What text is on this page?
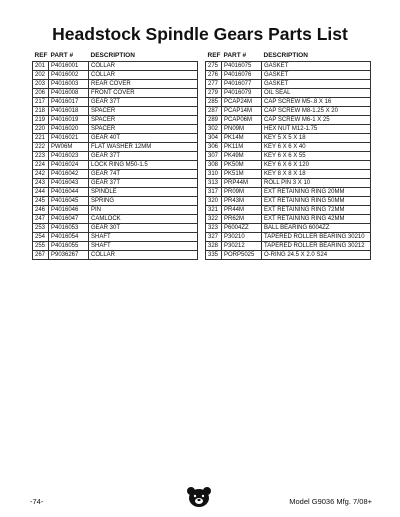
Headstock Spindle Gears Parts List
REF	PART #	DESCRIPTION
201	P4016001	COLLAR
202	P4016002	COLLAR
203	P4016003	REAR COVER
206	P4016008	FRONT COVER
217	P4016017	GEAR 37T
218	P4016018	SPACER
219	P4016019	SPACER
220	P4016020	SPACER
221	P4016021	GEAR 40T
222	PW06M	FLAT WASHER 12MM
223	P4016023	GEAR 37T
224	P4016024	LOCK RING M50-1.5
242	P4016042	GEAR 74T
243	P4016043	GEAR 37T
244	P4016044	SPINDLE
245	P4016045	SPRING
246	P4016046	PIN
247	P4016047	CAMLOCK
253	P4016053	GEAR 30T
254	P4016054	SHAFT
255	P4016055	SHAFT
267	P9036267	COLLAR
REF	PART #	DESCRIPTION
275	P4016075	GASKET
276	P4016076	GASKET
277	P4016077	GASKET
279	P4016079	OIL SEAL
285	PCAP24M	CAP SCREW M5-.8 X 16
287	PCAP14M	CAP SCREW M8-1.25 X 20
289	PCAP06M	CAP SCREW M6-1 X 25
302	PN09M	HEX NUT M12-1.75
304	PK14M	KEY 5 X 5 X 18
306	PK11M	KEY 6 X 6 X 40
307	PK49M	KEY 6 X 6 X 55
308	PK50M	KEY 6 X 6 X 120
310	PK51M	KEY 8 X 8 X 18
313	PRP44M	ROLL PIN 3 X 10
317	PR09M	EXT RETAINING RING 20MM
320	PR43M	EXT RETAINING RING 50MM
321	PR44M	EXT RETAINING RING 72MM
322	PR62M	EXT RETAINING RING 42MM
323	P6004ZZ	BALL BEARING 6004ZZ
327	P30210	TAPERED ROLLER BEARING 30210
328	P30212	TAPERED ROLLER BEARING 30212
335	PORP5025	O-RING 24.5 X 2.0 S24
-74-	Model G9036 Mfg. 7/08+
